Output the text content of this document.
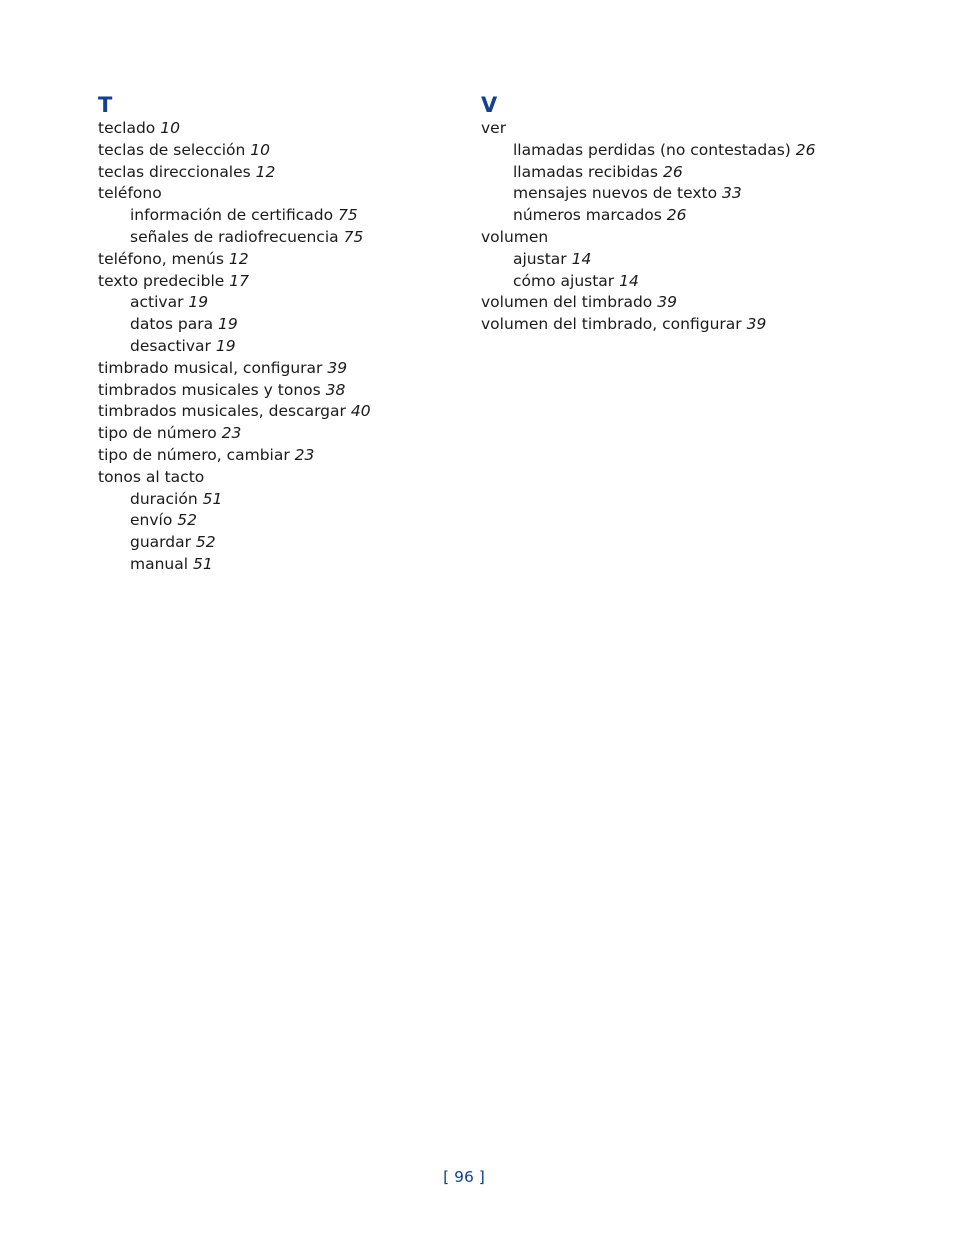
T
teclado 10
teclas de selección 10
teclas direccionales 12
teléfono
información de certificado 75
señales de radiofrecuencia 75
teléfono, menús 12
texto predecible 17
activar 19
datos para 19
desactivar 19
timbrado musical, configurar 39
timbrados musicales y tonos 38
timbrados musicales, descargar 40
tipo de número 23
tipo de número, cambiar 23
tonos al tacto
duración 51
envío 52
guardar 52
manual 51
V
ver
llamadas perdidas (no contestadas) 26
llamadas recibidas 26
mensajes nuevos de texto 33
números marcados 26
volumen
ajustar 14
cómo ajustar 14
volumen del timbrado 39
volumen del timbrado, configurar 39
[ 96 ]
